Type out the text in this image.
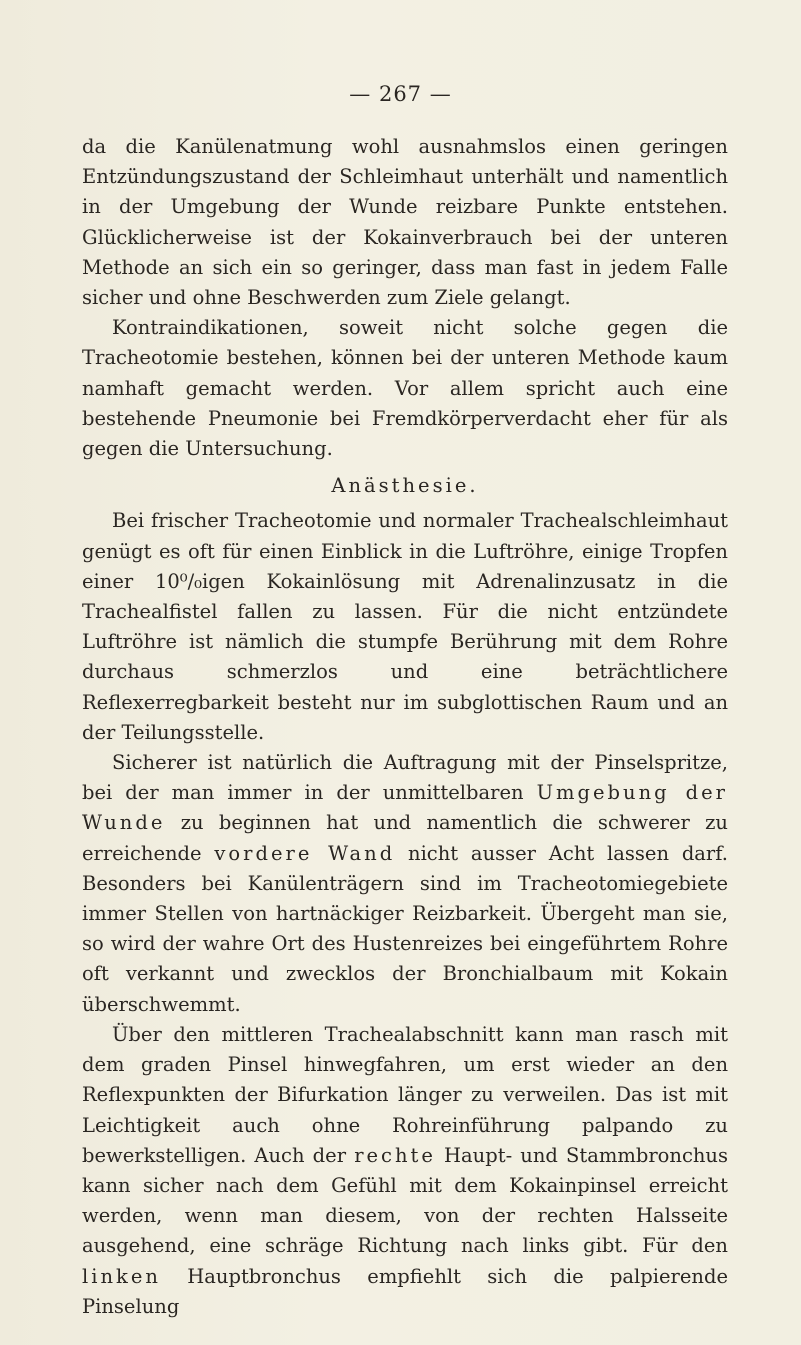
— 267 —

da die Kanülenatmung wohl ausnahmslos einen geringen Entzündungszustand der Schleimhaut unterhält und namentlich in der Umgebung der Wunde reizbare Punkte entstehen. Glücklicherweise ist der Kokainverbrauch bei der unteren Methode an sich ein so geringer, dass man fast in jedem Falle sicher und ohne Beschwerden zum Ziele gelangt.

Kontraindikationen, soweit nicht solche gegen die Tracheotomie bestehen, können bei der unteren Methode kaum namhaft gemacht werden. Vor allem spricht auch eine bestehende Pneumonie bei Fremdkörperverdacht eher für als gegen die Untersuchung.

Anästhesie.

Bei frischer Tracheotomie und normaler Trachealschleimhaut genügt es oft für einen Einblick in die Luftröhre, einige Tropfen einer 10⁰/₀igen Kokainlösung mit Adrenalinzusatz in die Trachealfistel fallen zu lassen. Für die nicht entzündete Luftröhre ist nämlich die stumpfe Berührung mit dem Rohre durchaus schmerzlos und eine beträchtlichere Reflexerregbarkeit besteht nur im subglottischen Raum und an der Teilungsstelle.

Sicherer ist natürlich die Auftragung mit der Pinselspritze, bei der man immer in der unmittelbaren Umgebung der Wunde zu beginnen hat und namentlich die schwerer zu erreichende vordere Wand nicht ausser Acht lassen darf. Besonders bei Kanülenträgern sind im Tracheotomiegebiete immer Stellen von hartnäckiger Reizbarkeit. Übergeht man sie, so wird der wahre Ort des Hustenreizes bei eingeführtem Rohre oft verkannt und zwecklos der Bronchialbaum mit Kokain überschwemmt.

Über den mittleren Trachealabschnitt kann man rasch mit dem graden Pinsel hinwegfahren, um erst wieder an den Reflexpunkten der Bifurkation länger zu verweilen. Das ist mit Leichtigkeit auch ohne Rohreinführung palpando zu bewerkstelligen. Auch der rechte Haupt- und Stammbronchus kann sicher nach dem Gefühl mit dem Kokainpinsel erreicht werden, wenn man diesem, von der rechten Halsseite ausgehend, eine schräge Richtung nach links gibt. Für den linken Hauptbronchus empfiehlt sich die palpierende Pinselung
